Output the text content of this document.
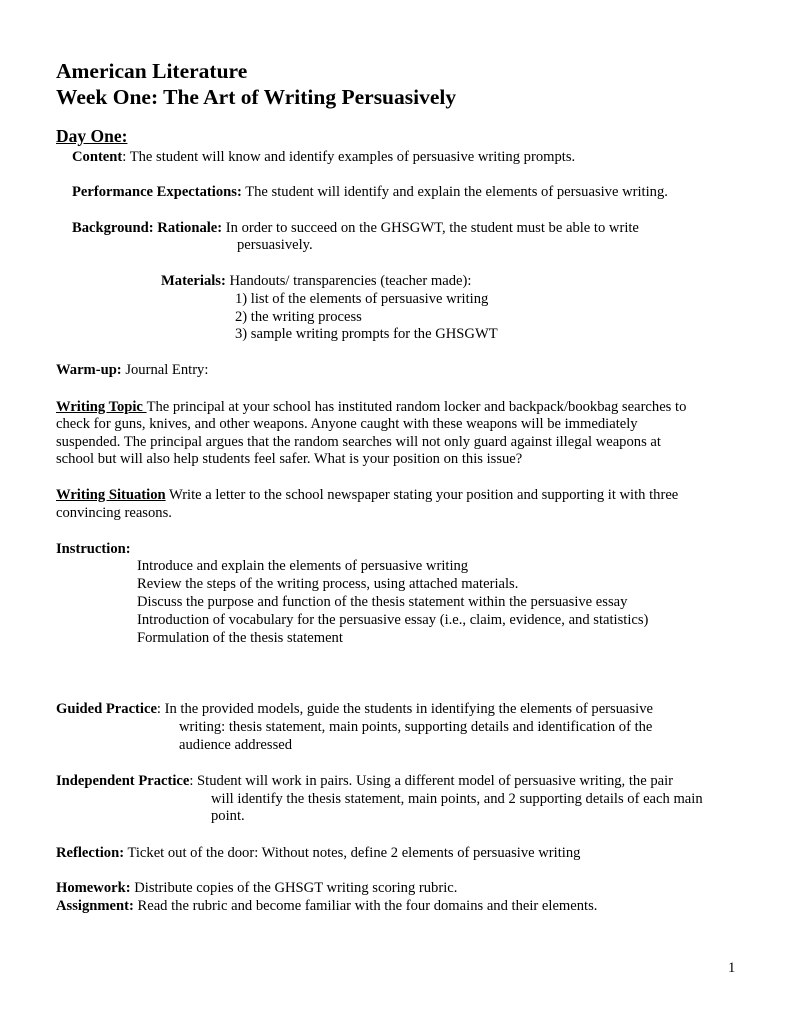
American Literature
Week One: The Art of Writing Persuasively
Day One:
Content: The student will know and identify examples of persuasive writing prompts.
Performance Expectations: The student will identify and explain the elements of persuasive writing.
Background: Rationale: In order to succeed on the GHSGWT, the student must be able to write
persuasively.
Materials: Handouts/ transparencies (teacher made):
1) list of the elements of persuasive writing
2) the writing process
3) sample writing prompts for the GHSGWT
Warm-up: Journal Entry:
Writing Topic The principal at your school has instituted random locker and backpack/bookbag searches to
check for guns, knives, and other weapons. Anyone caught with these weapons will be immediately
suspended. The principal argues that the random searches will not only guard against illegal weapons at
school but will also help students feel safer. What is your position on this issue?
Writing Situation Write a letter to the school newspaper stating your position and supporting it with three
convincing reasons.
Instruction:
Introduce and explain the elements of persuasive writing
Review the steps of the writing process, using attached materials.
Discuss the purpose and function of the thesis statement within the persuasive essay
Introduction of vocabulary for the persuasive essay (i.e., claim, evidence, and statistics)
Formulation of the thesis statement
Guided Practice: In the provided models, guide the students in identifying the elements of persuasive
writing: thesis statement, main points, supporting details and identification of the
audience addressed
Independent Practice: Student will work in pairs. Using a different model of persuasive writing, the pair
will identify the thesis statement, main points, and 2 supporting details of each main
point.
Reflection: Ticket out of the door: Without notes, define 2 elements of persuasive writing
Homework: Distribute copies of the GHSGT writing scoring rubric.
Assignment: Read the rubric and become familiar with the four domains and their elements.
1
